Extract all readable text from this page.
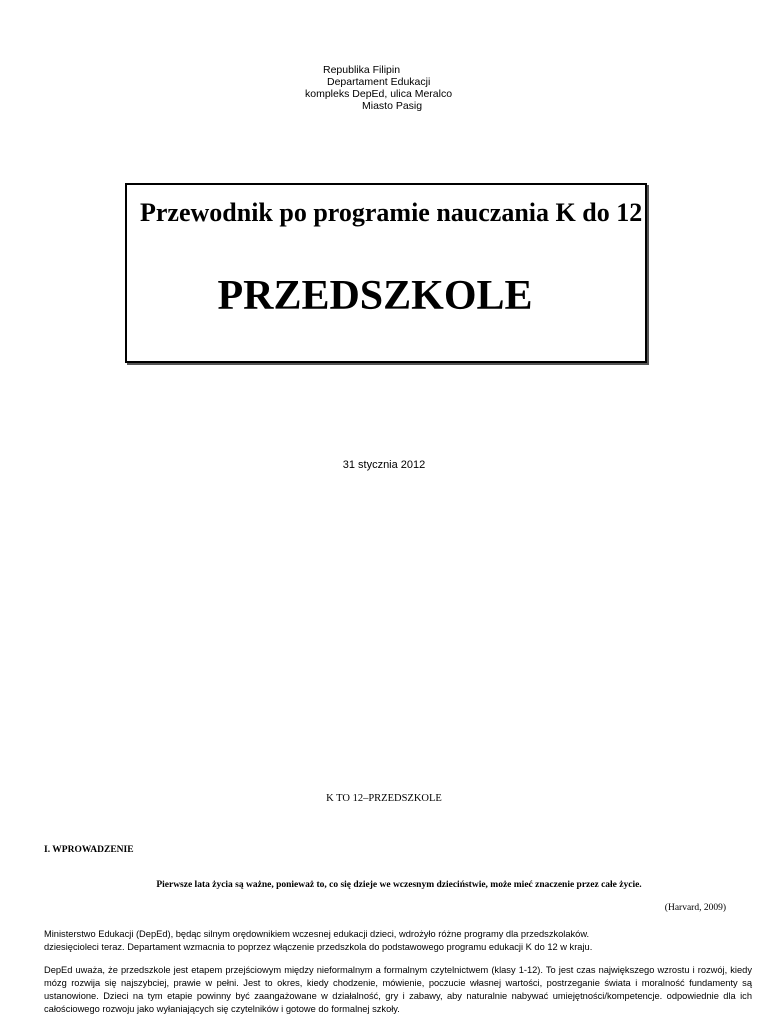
Republika Filipin
Departament Edukacji
kompleks DepEd, ulica Meralco
Miasto Pasig
Przewodnik po programie nauczania K do 12
PRZEDSZKOLE
31 stycznia 2012
K TO 12–PRZEDSZKOLE
I. WPROWADZENIE
Pierwsze lata życia są ważne, ponieważ to, co się dzieje we wczesnym dzieciństwie, może mieć znaczenie przez całe życie.
(Harvard, 2009)
Ministerstwo Edukacji (DepEd), będąc silnym orędownikiem wczesnej edukacji dzieci, wdrożyło różne programy dla przedszkolaków.
dziesięcioleci teraz. Departament wzmacnia to poprzez włączenie przedszkola do podstawowego programu edukacji K do 12 w kraju.
DepEd uważa, że przedszkole jest etapem przejściowym między nieformalnym a formalnym czytelnictwem (klasy 1-12). To jest czas największego wzrostu i rozwój, kiedy mózg rozwija się najszybciej, prawie w pełni. Jest to okres, kiedy chodzenie, mówienie, poczucie własnej wartości, postrzeganie świata i moralność fundamenty są ustanowione. Dzieci na tym etapie powinny być zaangażowane w działalność, gry i zabawy, aby naturalnie nabywać umiejętności/kompetencje. odpowiednie dla ich całościowego rozwoju jako wyłaniających się czytelników i gotowe do formalnej szkoły.
